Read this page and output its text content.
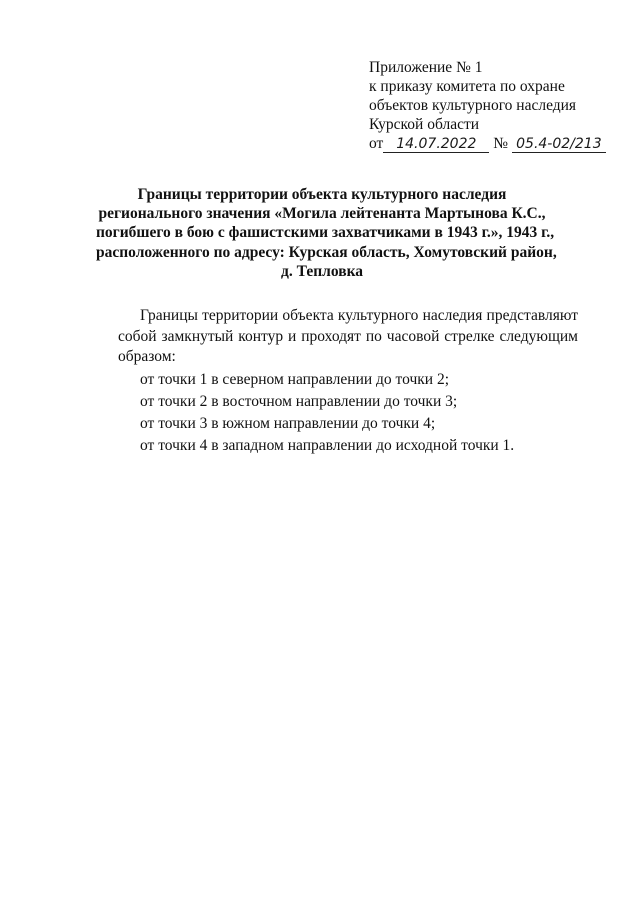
Приложение № 1
к приказу комитета по охране
объектов культурного наследия
Курской области
от 14.07.2022 № 05.4-02/213
Границы территории объекта культурного наследия
регионального значения «Могила лейтенанта Мартынова К.С.,
погибшего в бою с фашистскими захватчиками в 1943 г.», 1943 г.,
расположенного по адресу: Курская область, Хомутовский район,
д. Тепловка
Границы территории объекта культурного наследия представляют
собой замкнутый контур и проходят по часовой стрелке следующим
образом:
от точки 1 в северном направлении до точки 2;
от точки 2 в восточном направлении до точки 3;
от точки 3 в южном направлении до точки 4;
от точки 4 в западном направлении до исходной точки 1.
